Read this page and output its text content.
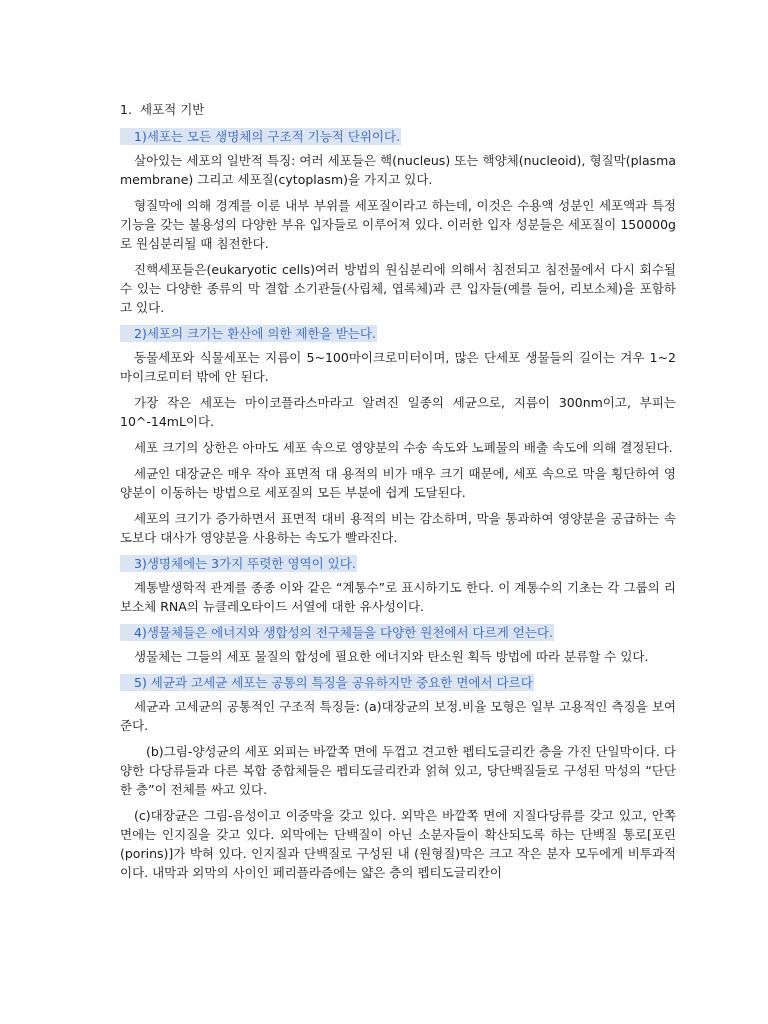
1. 세포적 기반
1)세포는 모든 생명체의 구조적 기능적 단위이다.

살아있는 세포의 일반적 특징: 여러 세포들은 핵(nucleus) 또는 핵양체(nucleoid), 형질막(plasma membrane) 그리고 세포질(cytoplasm)을 가지고 있다.

형질막에 의해 경계를 이룬 내부 부위를 세포질이라고 하는데, 이것은 수용액 성분인 세포액과 특정 기능을 갖는 불용성의 다양한 부유 입자들로 이루어져 있다. 이러한 입자 성분들은 세포질이 150000g로 원심분리될 때 침전한다.

진핵세포들은(eukaryotic cells)여러 방법의 원심분리에 의해서 침전되고 침전물에서 다시 회수될 수 있는 다양한 종류의 막 결합 소기관들(사립체, 엽록체)과 큰 입자들(예를 들어, 리보소체)을 포함하고 있다.

2)세포의 크기는 환산에 의한 제한을 받는다.

동물세포와 식물세포는 지름이 5~100마이크로미터이며, 많은 단세포 생물들의 길이는 겨우 1~2마이크로미터 밖에 안 된다.

가장 작은 세포는 마이코플라스마라고 알려진 일종의 세균으로, 지름이 300nm이고, 부피는 10^-14mL이다.

세포 크기의 상한은 아마도 세포 속으로 영양분의 수송 속도와 노폐물의 배출 속도에 의해 결정된다.

세균인 대장균은 매우 작아 표면적 대 용적의 비가 매우 크기 때문에, 세포 속으로 막을 횡단하여 영양분이 이동하는 방법으로 세포질의 모든 부분에 쉽게 도달된다.

세포의 크기가 증가하면서 표면적 대비 용적의 비는 감소하며, 막을 통과하여 영양분을 공급하는 속도보다 대사가 영양분을 사용하는 속도가 빨라진다.

3)생명체에는 3가지 뚜렷한 영역이 있다.

계통발생학적 관계를 종종 이와 같은 “계통수”로 표시하기도 한다. 이 계통수의 기초는 각 그룹의 리보소체 RNA의 뉴클레오타이드 서열에 대한 유사성이다.

4)생물체들은 에너지와 생합성의 전구체들을 다양한 원천에서 다르게 얻는다.

생물체는 그들의 세포 물질의 합성에 필요한 에너지와 탄소원 획득 방법에 따라 분류할 수 있다.

5) 세균과 고세균 세포는 공통의 특징을 공유하지만 중요한 면에서 다르다

세균과 고세균의 공통적인 구조적 특징들: (a)대장균의 보정.비율 모형은 일부 고용적인 측징을 보여 준다.

(b)그림-양성균의 세포 외피는 바깥쪽 면에 두껍고 견고한 펩티도글리칸 층을 가진 단일막이다. 다양한 다당류들과 다른 복합 중합체들은 펩티도글리칸과 얽혀 있고, 당단백질들로 구성된 막성의 “단단한 층”이 전체를 싸고 있다.

(c)대장균은 그림-음성이고 이중막을 갖고 있다. 외막은 바깥쪽 면에 지질다당류를 갖고 있고, 안쪽 면에는 인지질을 갖고 있다. 외막에는 단백질이 아닌 소분자들이 확산되도록 하는 단백질 통로[포린(porins)]가 박혀 있다. 인지질과 단백질로 구성된 내 (원형질)막은 크고 작은 분자 모두에게 비투과적이다. 내막과 외막의 사이인 페리플라즘에는 얇은 층의 펩티도글리칸이
